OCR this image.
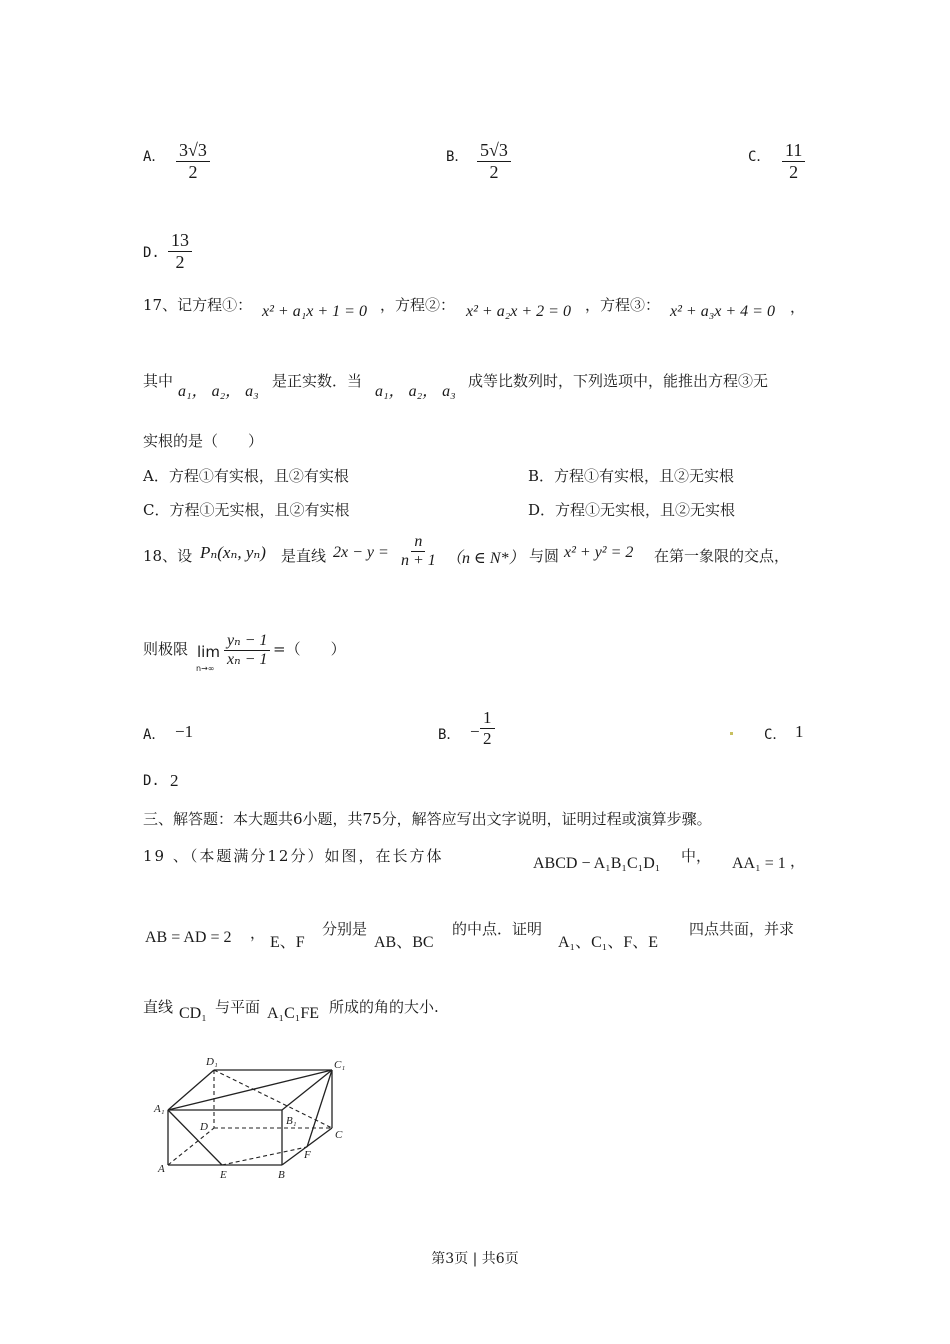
A． $\frac{3√3}{2}$	B． $\frac{5√3}{2}$	C． $\frac{11}{2}$
D. $\frac{13}{2}$
17、记方程①： x² + a₁x + 1 = 0 ，方程②： x² + a₂x + 2 = 0 ，方程③： x² + a₃x + 4 = 0 ，
其中
a₁， a₂， a₃
是正实数．当
a₁， a₂， a₃
成等比数列时，下列选项中，能推出方程③无
实根的是（　　）
A．方程①有实根，且②有实根	B．方程①有实根，且②无实根
C．方程①无实根，且②有实根	D．方程①无实根，且②无实根
18、设 Pₙ(xₙ, yₙ) 是直线 $2x - y = \frac{n}{n + 1} (n$ ∈ N*） 与圆 x² + y² = 2 在第一象限的交点，
则极限 lim
$n\to\infty \frac{\text{yₙ − 1}}{\text{xₙ − 1}}$ =（　　）
A． −1	B． − $\frac{1}{2}$	C． 1
D. 2
三、解答题：本大题共6小题，共75分，解答应写出文字说明，证明过程或演算步骤。
19 、（本题满分12分）如图，在长方体	ABCD − A₁B₁C₁D₁ 中， AA₁ = 1 ，
AB = AD = 2 ，
E、F
分别是
AB、BC
的中点．证明
A₁、C₁、F、E
四点共面，并求
直线 CD₁ 与平面 A₁C₁FE 所成的角的大小.
D₁	C₁
A₁
D	B₁
C
F
A	E	B
第3页 | 共6页
